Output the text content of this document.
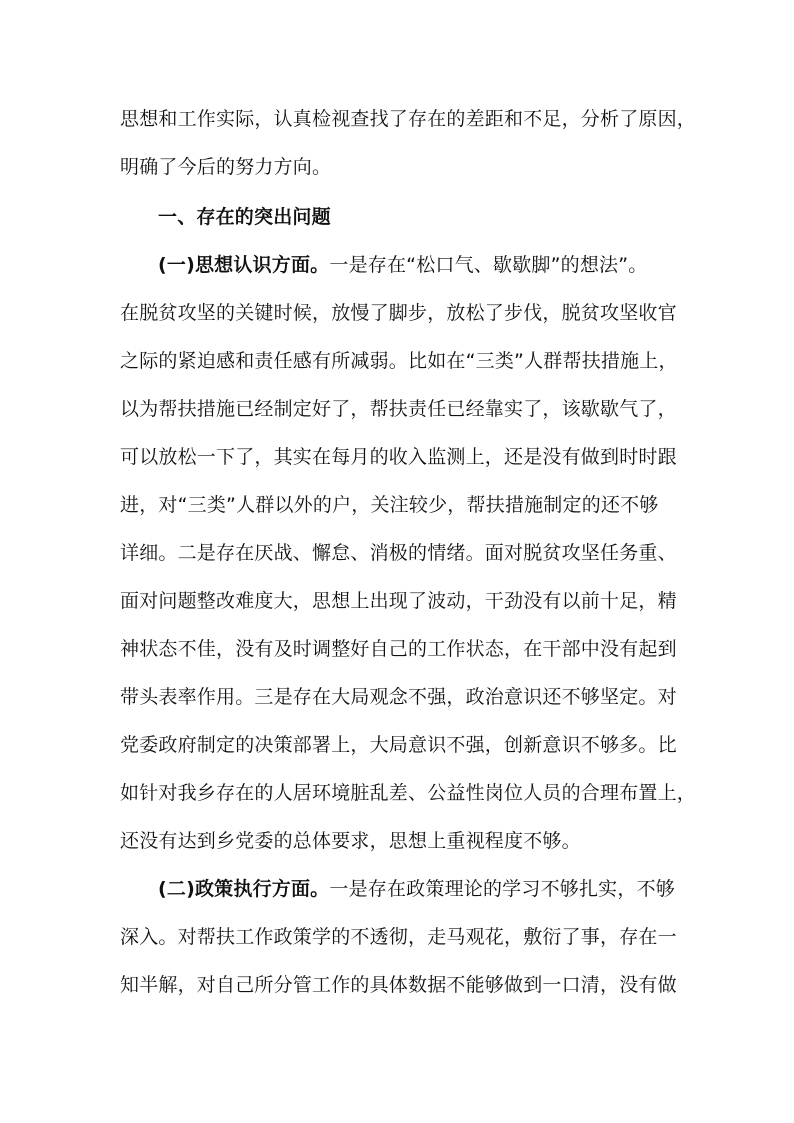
思想和工作实际，认真检视查找了存在的差距和不足，分析了原因，
明确了今后的努力方向。
一、存在的突出问题
(一)思想认识方面。一是存在“松口气、歇歇脚”的想法”。
在脱贫攻坚的关键时候，放慢了脚步，放松了步伐，脱贫攻坚收官
之际的紧迫感和责任感有所减弱。比如在“三类”人群帮扶措施上，
以为帮扶措施已经制定好了，帮扶责任已经靠实了，该歇歇气了，
可以放松一下了，其实在每月的收入监测上，还是没有做到时时跟
进，对“三类”人群以外的户，关注较少，帮扶措施制定的还不够
详细。二是存在厌战、懈怠、消极的情绪。面对脱贫攻坚任务重、
面对问题整改难度大，思想上出现了波动，干劲没有以前十足，精
神状态不佳，没有及时调整好自己的工作状态，在干部中没有起到
带头表率作用。三是存在大局观念不强，政治意识还不够坚定。对
党委政府制定的决策部署上，大局意识不强，创新意识不够多。比
如针对我乡存在的人居环境脏乱差、公益性岗位人员的合理布置上，
还没有达到乡党委的总体要求，思想上重视程度不够。
(二)政策执行方面。一是存在政策理论的学习不够扎实，不够
深入。对帮扶工作政策学的不透彻，走马观花，敷衍了事，存在一
知半解，对自己所分管工作的具体数据不能够做到一口清，没有做
